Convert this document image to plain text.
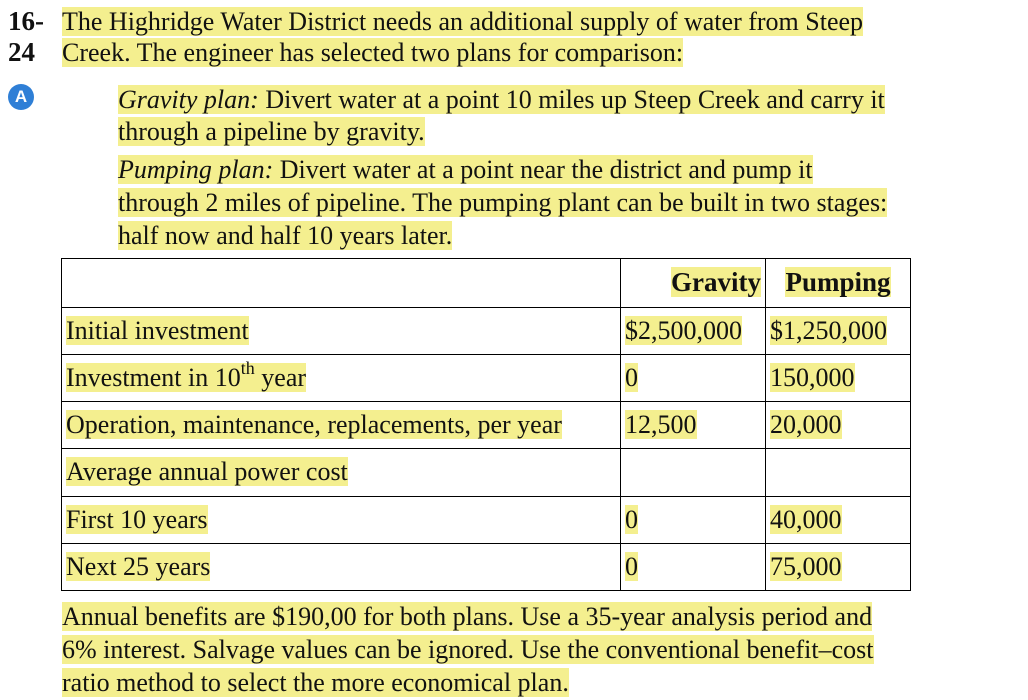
16-
24
A
The Highridge Water District needs an additional supply of water from Steep
Creek. The engineer has selected two plans for comparison:
Gravity plan: Divert water at a point 10 miles up Steep Creek and carry it
through a pipeline by gravity.
Pumping plan: Divert water at a point near the district and pump it
through 2 miles of pipeline. The pumping plant can be built in two stages:
half now and half 10 years later.
	Gravity	Pumping
Initial investment	$2,500,000	$1,250,000
Investment in 10th year	0	150,000
Operation, maintenance, replacements, per year	12,500	20,000
Average annual power cost		
First 10 years	0	40,000
Next 25 years	0	75,000
Annual benefits are $190,00 for both plans. Use a 35-year analysis period and
6% interest. Salvage values can be ignored. Use the conventional benefit–cost
ratio method to select the more economical plan.
